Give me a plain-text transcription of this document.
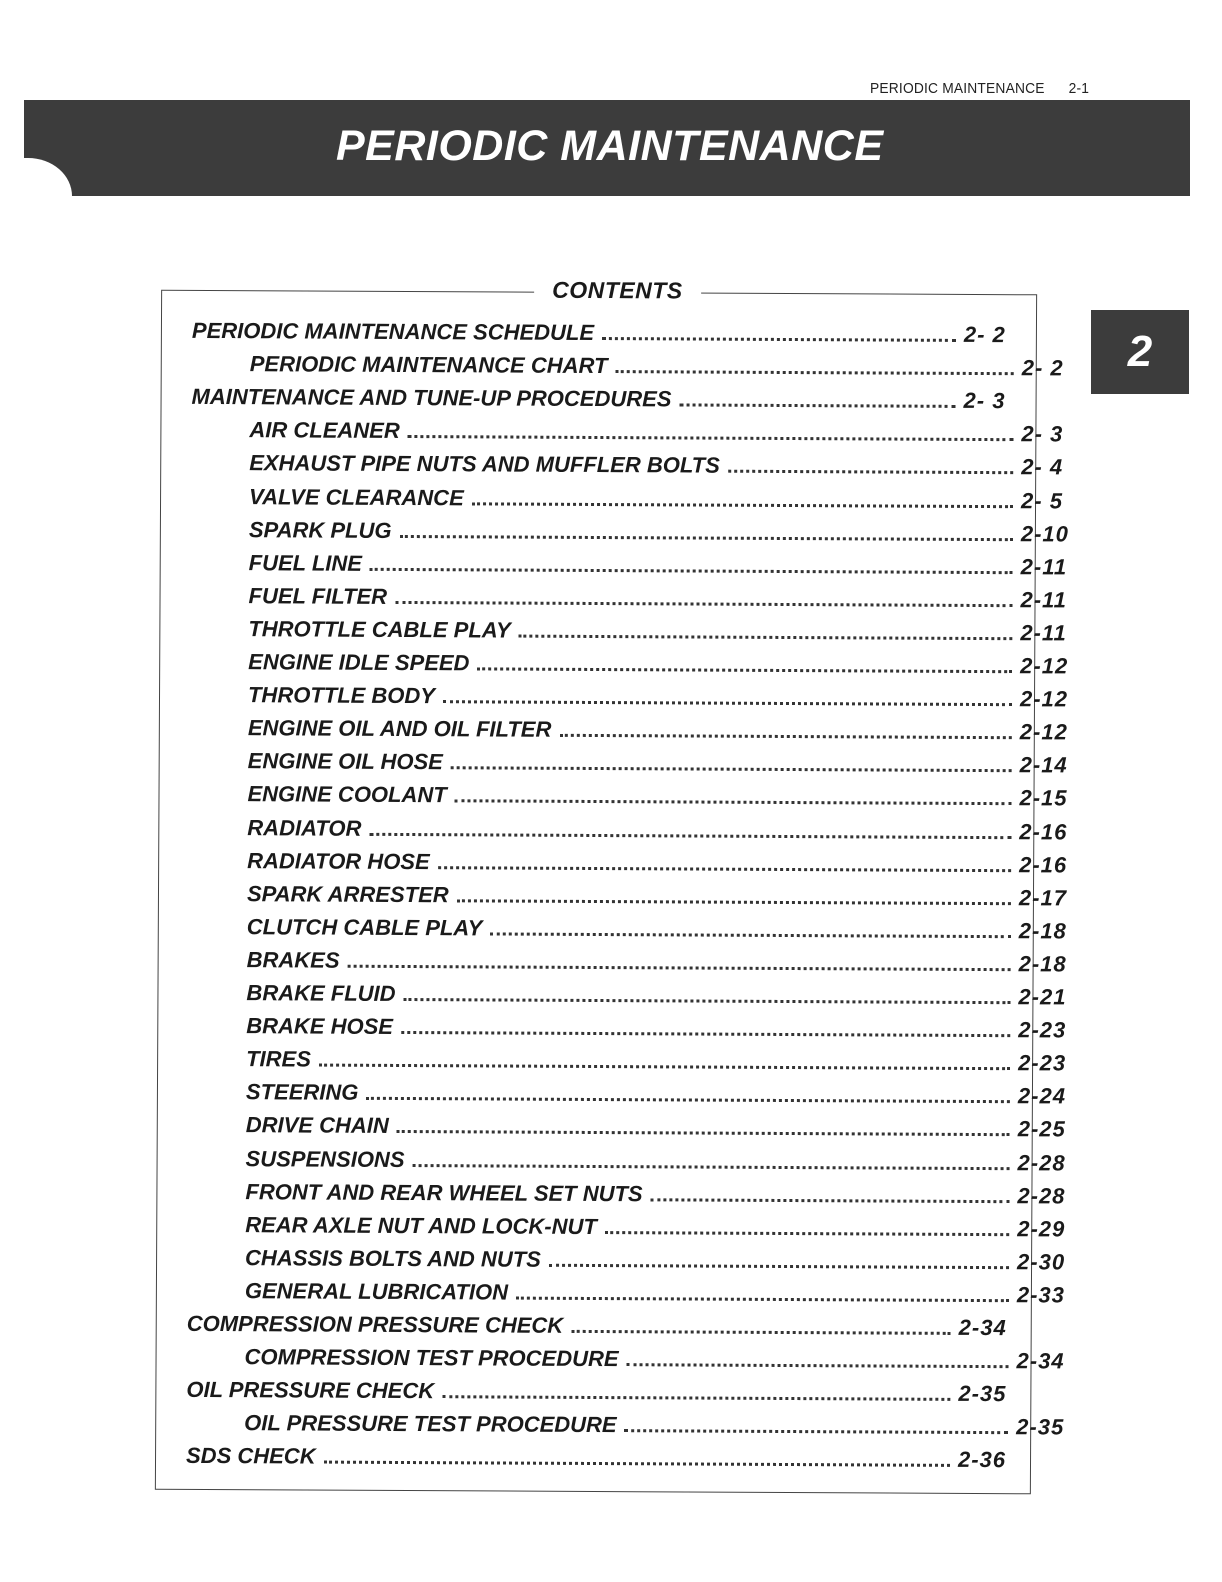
PERIODIC MAINTENANCE 2-1
PERIODIC MAINTENANCE
2
CONTENTS
PERIODIC MAINTENANCE SCHEDULE	2- 2
PERIODIC MAINTENANCE CHART	2- 2
MAINTENANCE AND TUNE-UP PROCEDURES	2- 3
AIR CLEANER	2- 3
EXHAUST PIPE NUTS AND MUFFLER BOLTS	2- 4
VALVE CLEARANCE	2- 5
SPARK PLUG	2-10
FUEL LINE	2-11
FUEL FILTER	2-11
THROTTLE CABLE PLAY	2-11
ENGINE IDLE SPEED	2-12
THROTTLE BODY	2-12
ENGINE OIL AND OIL FILTER	2-12
ENGINE OIL HOSE	2-14
ENGINE COOLANT	2-15
RADIATOR	2-16
RADIATOR HOSE	2-16
SPARK ARRESTER	2-17
CLUTCH CABLE PLAY	2-18
BRAKES	2-18
BRAKE FLUID	2-21
BRAKE HOSE	2-23
TIRES	2-23
STEERING	2-24
DRIVE CHAIN	2-25
SUSPENSIONS	2-28
FRONT AND REAR WHEEL SET NUTS	2-28
REAR AXLE NUT AND LOCK-NUT	2-29
CHASSIS BOLTS AND NUTS	2-30
GENERAL LUBRICATION	2-33
COMPRESSION PRESSURE CHECK	2-34
COMPRESSION TEST PROCEDURE	2-34
OIL PRESSURE CHECK	2-35
OIL PRESSURE TEST PROCEDURE	2-35
SDS CHECK	2-36
